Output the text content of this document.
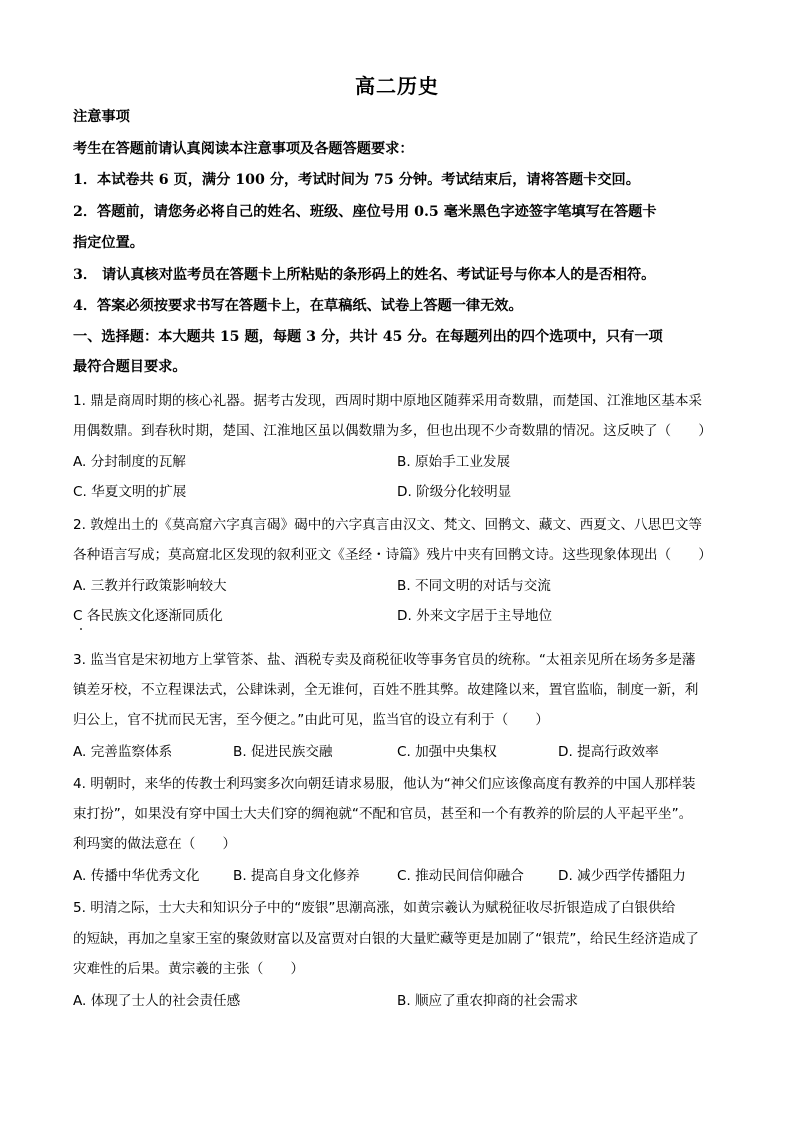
高二历史
注意事项
考生在答题前请认真阅读本注意事项及各题答题要求：
1．本试卷共 6 页，满分 100 分，考试时间为 75 分钟。考试结束后，请将答题卡交回。
2．答题前，请您务必将自己的姓名、班级、座位号用 0.5 毫米黑色字迹签字笔填写在答题卡
指定位置。
3． 请认真核对监考员在答题卡上所粘贴的条形码上的姓名、考试证号与你本人的是否相符。
4．答案必须按要求书写在答题卡上，在草稿纸、试卷上答题一律无效。
一、选择题：本大题共 15 题，每题 3 分，共计 45 分。在每题列出的四个选项中，只有一项
最符合题目要求。
1. 鼎是商周时期的核心礼器。据考古发现，西周时期中原地区随葬采用奇数鼎，而楚国、江淮地区基本采
用偶数鼎。到春秋时期，楚国、江淮地区虽以偶数鼎为多，但也出现不少奇数鼎的情况。这反映了（　　）
A. 分封制度的瓦解	B. 原始手工业发展
C. 华夏文明的扩展	D. 阶级分化较明显
2. 敦煌出土的《莫高窟六字真言碣》碣中的六字真言由汉文、梵文、回鹘文、藏文、西夏文、八思巴文等
各种语言写成；莫高窟北区发现的叙利亚文《圣经・诗篇》残片中夹有回鹘文诗。这些现象体现出（　　）
A. 三教并行政策影响较大	B. 不同文明的对话与交流
C 各民族文化逐渐同质化	D. 外来文字居于主导地位
3. 监当官是宋初地方上掌管茶、盐、酒税专卖及商税征收等事务官员的统称。“太祖亲见所在场务多是藩
镇差牙校，不立程课法式，公肆诛剥，全无谁何，百姓不胜其弊。故建隆以来，置官监临，制度一新，利
归公上，官不扰而民无害，至今便之。”由此可见，监当官的设立有利于（　　）
A. 完善监察体系	B. 促进民族交融	C. 加强中央集权	D. 提高行政效率
4. 明朝时，来华的传教士利玛窦多次向朝廷请求易服，他认为“神父们应该像高度有教养的中国人那样装
束打扮”，如果没有穿中国士大夫们穿的绸袍就“不配和官员，甚至和一个有教养的阶层的人平起平坐”。
利玛窦的做法意在（　　）
A. 传播中华优秀文化 B. 提高自身文化修养	C. 推动民间信仰融合	D. 减少西学传播阻力
5. 明清之际，士大夫和知识分子中的“废银”思潮高涨，如黄宗羲认为赋税征收尽折银造成了白银供给
的短缺，再加之皇家王室的聚敛财富以及富贾对白银的大量贮藏等更是加剧了“银荒”，给民生经济造成了
灾难性的后果。黄宗羲的主张（　　）
A. 体现了士人的社会责任感	B. 顺应了重农抑商的社会需求
